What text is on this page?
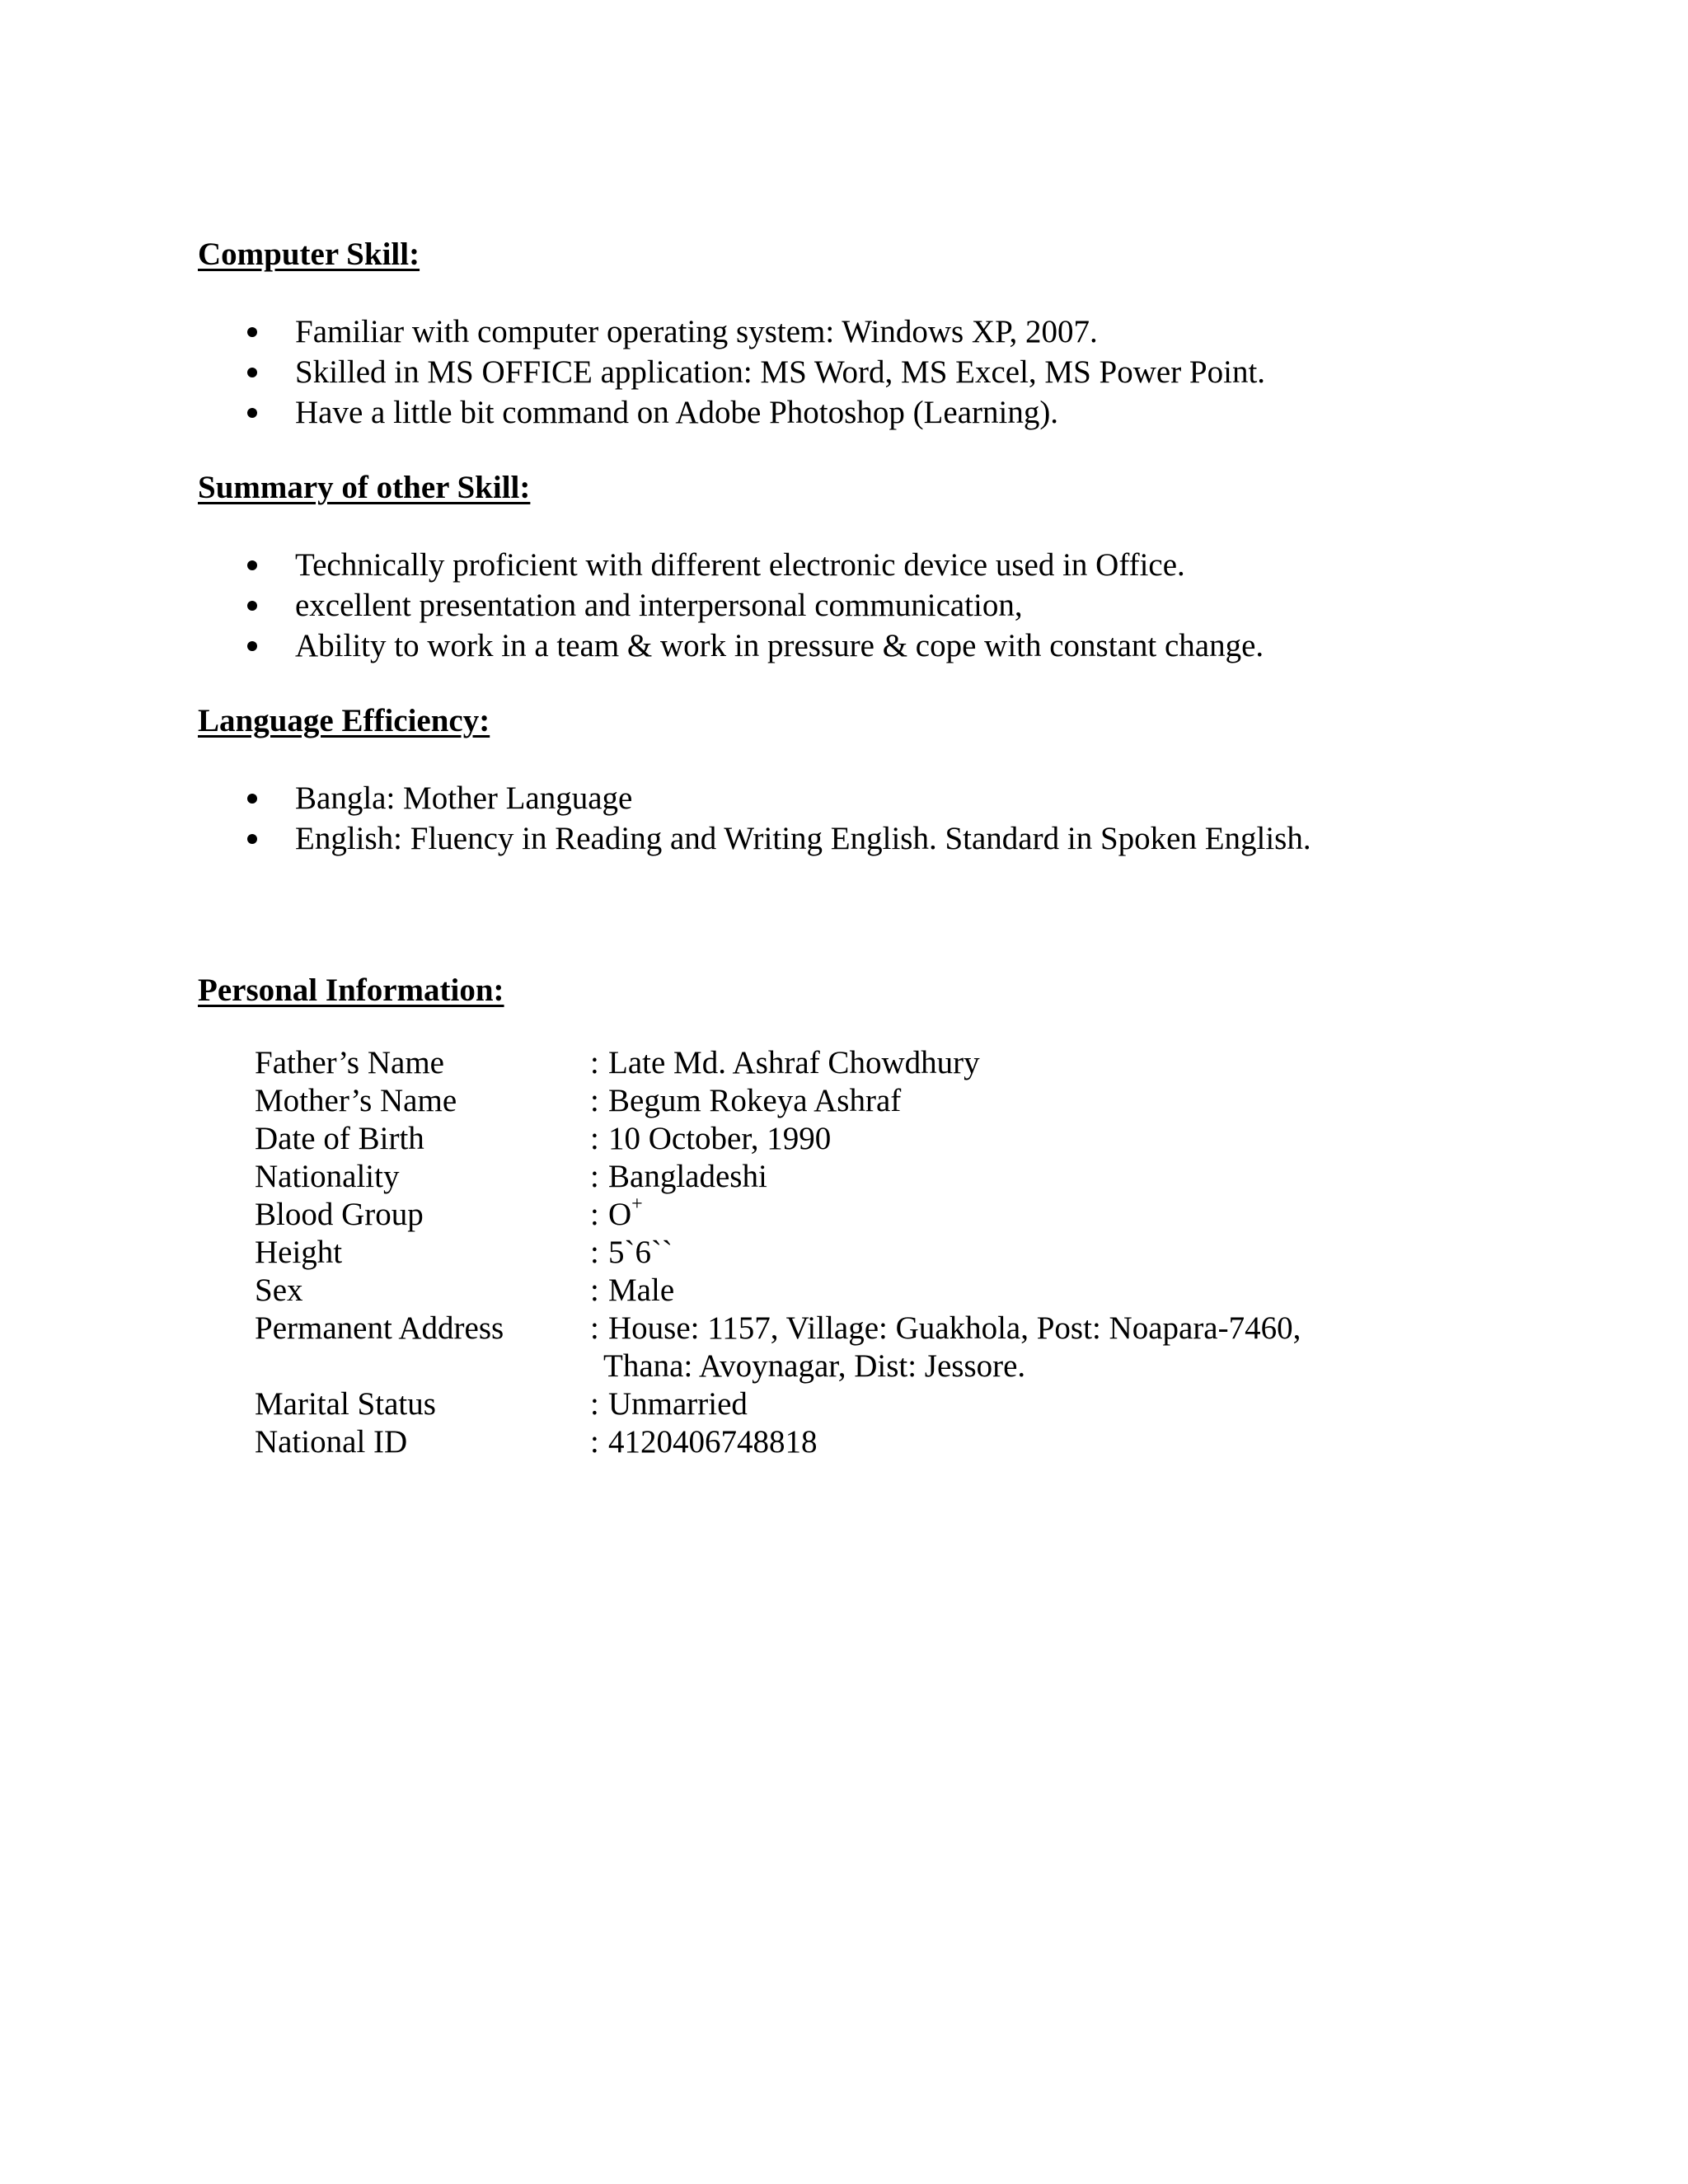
Computer Skill:
Familiar with computer operating system: Windows XP, 2007.
Skilled in MS OFFICE application: MS Word, MS Excel, MS Power Point.
Have a little bit command on Adobe Photoshop (Learning).
Summary of other Skill:
Technically proficient with different electronic device used in Office.
excellent presentation and interpersonal communication,
Ability to work in a team & work in pressure & cope with constant change.
Language Efficiency:
Bangla: Mother Language
English: Fluency in Reading and Writing English. Standard in Spoken English.
Personal Information:
Father’s Name	: Late Md. Ashraf Chowdhury
Mother’s Name	: Begum Rokeya Ashraf
Date of Birth	: 10 October, 1990
Nationality	: Bangladeshi
Blood Group	: O+
Height	: 5`6``
Sex	: Male
Permanent Address	: House: 1157, Village: Guakhola, Post: Noapara-7460,
Thana: Avoynagar, Dist: Jessore.
Marital Status	: Unmarried
National ID	: 4120406748818
